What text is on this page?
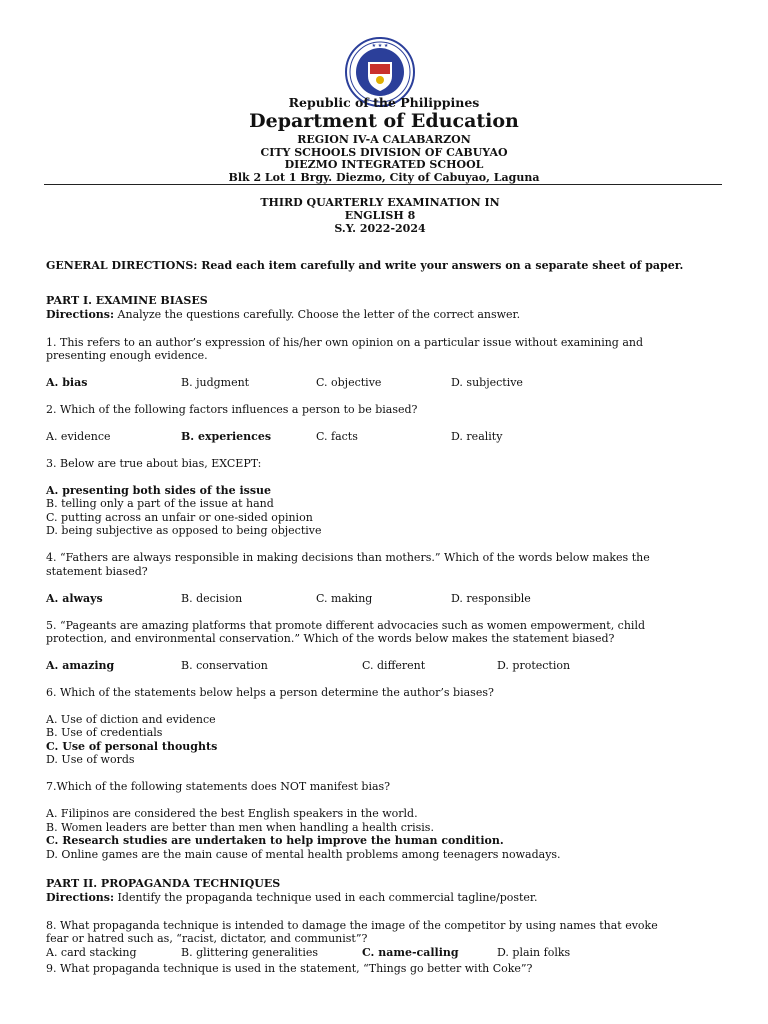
★ ★ ★
Republic of the Philippines
Department of Education
REGION IV-A CALABARZON
CITY SCHOOLS DIVISION OF CABUYAO
DIEZMO INTEGRATED SCHOOL
Blk 2 Lot 1 Brgy. Diezmo, City of Cabuyao, Laguna
THIRD QUARTERLY EXAMINATION IN
ENGLISH 8
S.Y. 2022-2024
GENERAL DIRECTIONS: Read each item carefully and write your answers on a separate sheet of paper.
PART I. EXAMINE BIASES
Directions: Analyze the questions carefully. Choose the letter of the correct answer.
1. This refers to an author’s expression of his/her own opinion on a particular issue without examining and
presenting enough evidence.
A. bias	B. judgment	C. objective	D. subjective
2. Which of the following factors influences a person to be biased?
A. evidence	B. experiences	C. facts	D. reality
3. Below are true about bias, EXCEPT:
A. presenting both sides of the issue
B. telling only a part of the issue at hand
C. putting across an unfair or one-sided opinion
D. being subjective as opposed to being objective
4. “Fathers are always responsible in making decisions than mothers.” Which of the words below makes the
statement biased?
A. always	B. decision	C. making	D. responsible
5. “Pageants are amazing platforms that promote different advocacies such as women empowerment, child
protection, and environmental conservation.” Which of the words below makes the statement biased?
A. amazing	B. conservation	C. different	D. protection
6. Which of the statements below helps a person determine the author’s biases?
A. Use of diction and evidence
B. Use of credentials
C. Use of personal thoughts
D. Use of words
7.Which of the following statements does NOT manifest bias?
A. Filipinos are considered the best English speakers in the world.
B. Women leaders are better than men when handling a health crisis.
C. Research studies are undertaken to help improve the human condition.
D. Online games are the main cause of mental health problems among teenagers nowadays.
PART II. PROPAGANDA TECHNIQUES
Directions: Identify the propaganda technique used in each commercial tagline/poster.
8. What propaganda technique is intended to damage the image of the competitor by using names that evoke
fear or hatred such as, “racist, dictator, and communist”?
A. card stacking	B. glittering generalities	C. name-calling	D. plain folks
9. What propaganda technique is used in the statement, “Things go better with Coke”?
